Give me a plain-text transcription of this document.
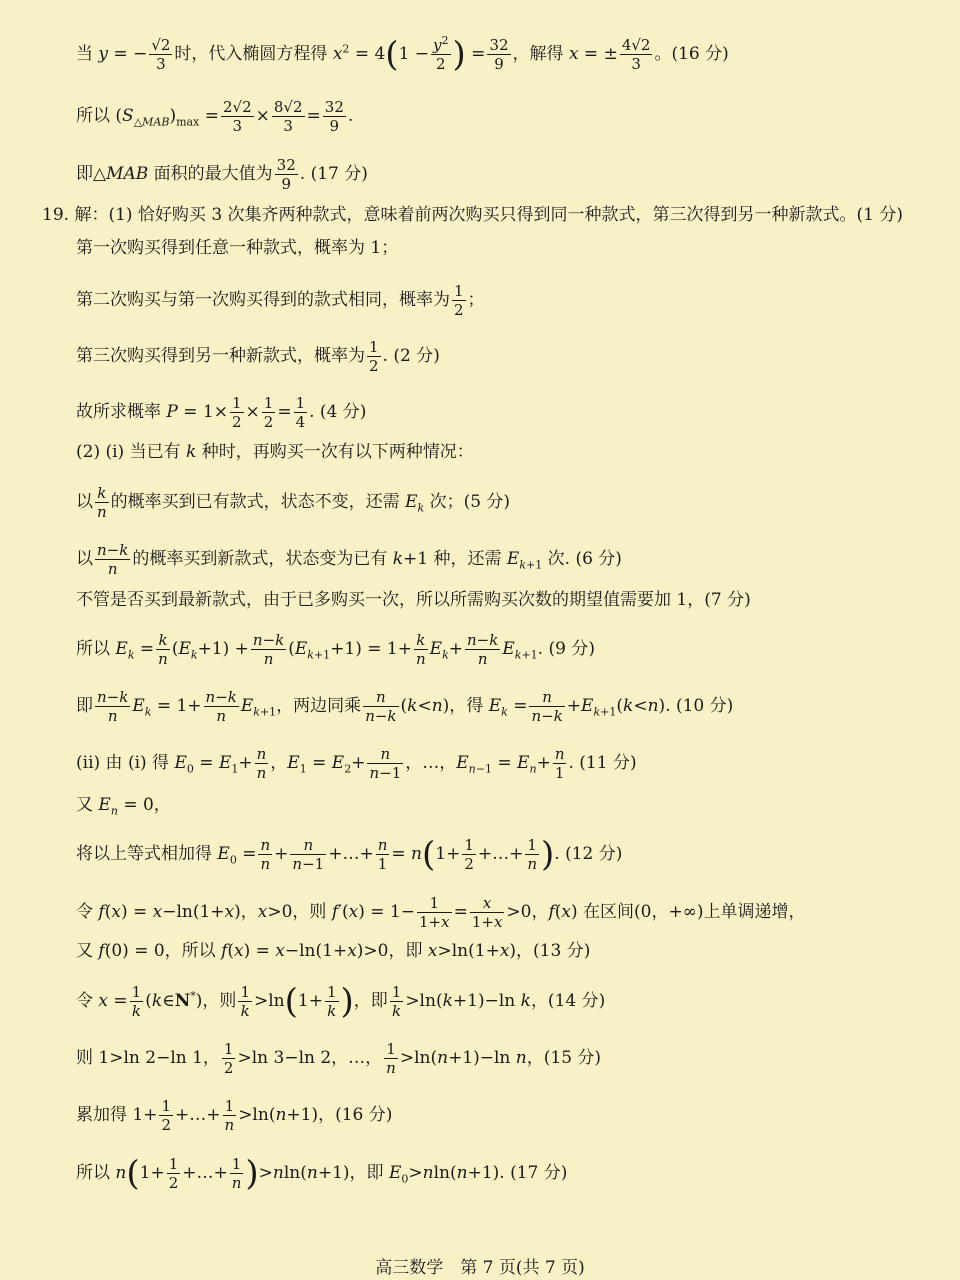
当 y = − $\frac{√2}{3}$ 时，代入椭圆方程得 $x^2 = 4(1 - \frac{y^2}{2}$ ) = $\frac{32}{9}$ ，解得 x = ± $\frac{4√2}{3}$ 。(16 分)
所以 $(S_{\triangle MAB})_{max} = \frac{2√2}{3} \times \frac{8√2}{3} = \frac{32}{9}$ .
即△MAB 面积的最大值为 $\frac{32}{9}$ . (17 分)
19. 解：(1) 恰好购买 3 次集齐两种款式，意味着前两次购买只得到同一种款式，第三次得到另一种新款式。(1 分)
第一次购买得到任意一种款式，概率为 1；
第二次购买与第一次购买得到的款式相同，概率为 $\frac{1}{2}$ ；
第三次购买得到另一种新款式，概率为 $\frac{1}{2}$ . (2 分)
故所求概率 $P = 1\times \frac{1}{2} \times \frac{1}{2} = \frac{1}{4}$ . (4 分)
(2) (i) 当已有 k 种时，再购买一次有以下两种情况：
以 $\frac{k}{n}$ 的概率买到已有款式，状态不变，还需 $E_k$ 次；(5 分)
以 $\frac{n-k}{n}$ 的概率买到新款式，状态变为已有 k+1 种，还需 $E_{k+1}$ 次. (6 分)
不管是否买到最新款式，由于已多购买一次，所以所需购买次数的期望值需要加 1，(7 分)
所以 $E_k = \frac{k}{n} (E_k+1) + \frac{n-k}{n} (E_{k+1}+1) = 1+ \frac{k}{n} E_k+ \frac{n-k}{n} E_{k+1}$. (9 分)
即 $\frac{n-k}{n} E_k = 1+ \frac{n-k}{n} E_{k+1}$，两边同乘 $\frac{n}{n-k} (k<n)$，得 $E_k = \frac{n}{n-k} +E_{k+1}(k<n)$. (10 分)
(ii) 由 (i) 得 $E_0 = E_1+ \frac{n}{n}$ ，$E_1 = E_2+ \frac{n}{n-1}$ ，…，$E_{n-1} = E_n+ \frac{n}{1}$ . (11 分)
又 $E_n = 0$，
将以上等式相加得 $E_0 = \frac{n}{n} + \frac{n}{n-1}$ +…+ $\frac{n}{1} = n(1+ \frac{1}{2}$ +…+ $\frac{1}{n}$ ). (12 分)
令 f(x) = x−ln(1+x)，x>0，则 $f'(x) = 1- \frac{1}{1+x} = \frac{x}{1+x} >0$，f(x) 在区间(0，+∞)上单调递增，
又 f(0) = 0，所以 f(x) = x−ln(1+x)>0，即 x>ln(1+x)，(13 分)
令 $x = \frac{1}{k}$ (k∈N*)，则 $\frac{1}{k} >\ln(1+ \frac{1}{k}$ )，即 $\frac{1}{k} >\ln(k+1)-\ln$ k，(14 分)
则 1>ln 2−ln 1， $\frac{1}{2} >\ln$ 3−ln 2，…， $\frac{1}{n} >\ln(n+1)-\ln$ n，(15 分)
累加得 $1+ \frac{1}{2}$ +…+ $\frac{1}{n} >\ln(n+1)$，(16 分)
所以 $n(1+ \frac{1}{2}$ +…+ $\frac{1}{n} )>nln(n+1)$，即 $E_0>nln(n+1)$. (17 分)
高三数学　第 7 页(共 7 页)
